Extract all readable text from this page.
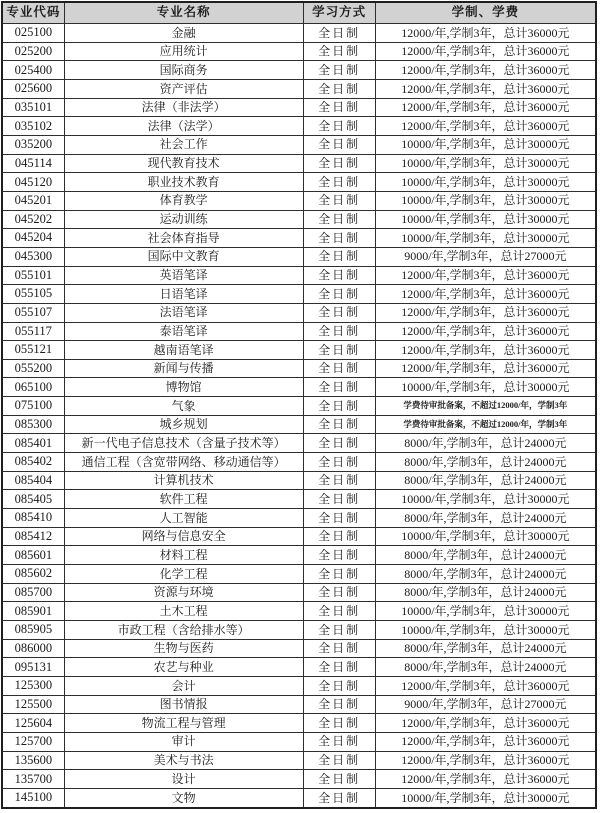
专业代码	专业名称	学习方式	学制、学费
025100	金融	全日制	12000/年,学制3年，总计36000元
025200	应用统计	全日制	12000/年,学制3年，总计36000元
025400	国际商务	全日制	12000/年,学制3年，总计36000元
025600	资产评估	全日制	12000/年,学制3年，总计36000元
035101	法律（非法学）	全日制	12000/年,学制3年，总计36000元
035102	法律（法学）	全日制	12000/年,学制3年，总计36000元
035200	社会工作	全日制	10000/年,学制3年，总计30000元
045114	现代教育技术	全日制	10000/年,学制3年，总计30000元
045120	职业技术教育	全日制	10000/年,学制3年，总计30000元
045201	体育教学	全日制	10000/年,学制3年，总计30000元
045202	运动训练	全日制	10000/年,学制3年，总计30000元
045204	社会体育指导	全日制	10000/年,学制3年，总计30000元
045300	国际中文教育	全日制	9000/年,学制3年，总计27000元
055101	英语笔译	全日制	12000/年,学制3年，总计36000元
055105	日语笔译	全日制	12000/年,学制3年，总计36000元
055107	法语笔译	全日制	12000/年,学制3年，总计36000元
055117	泰语笔译	全日制	12000/年,学制3年，总计36000元
055121	越南语笔译	全日制	12000/年,学制3年，总计36000元
055200	新闻与传播	全日制	12000/年,学制3年，总计36000元
065100	博物馆	全日制	10000/年,学制3年，总计30000元
075100	气象	全日制	学费待审批备案，不超过12000/年，学制3年
085300	城乡规划	全日制	学费待审批备案，不超过12000/年，学制3年
085401	新一代电子信息技术（含量子技术等）	全日制	8000/年,学制3年，总计24000元
085402	通信工程（含宽带网络、移动通信等）	全日制	8000/年,学制3年，总计24000元
085404	计算机技术	全日制	8000/年,学制3年，总计24000元
085405	软件工程	全日制	10000/年,学制3年，总计30000元
085410	人工智能	全日制	8000/年,学制3年，总计24000元
085412	网络与信息安全	全日制	10000/年,学制3年，总计30000元
085601	材料工程	全日制	8000/年,学制3年，总计24000元
085602	化学工程	全日制	8000/年,学制3年，总计24000元
085700	资源与环境	全日制	8000/年,学制3年，总计24000元
085901	土木工程	全日制	10000/年,学制3年，总计30000元
085905	市政工程（含给排水等）	全日制	10000/年,学制3年，总计30000元
086000	生物与医药	全日制	8000/年,学制3年，总计24000元
095131	农艺与种业	全日制	8000/年,学制3年，总计24000元
125300	会计	全日制	12000/年,学制3年，总计36000元
125500	图书情报	全日制	9000/年,学制3年，总计27000元
125604	物流工程与管理	全日制	12000/年,学制3年，总计36000元
125700	审计	全日制	12000/年,学制3年，总计36000元
135600	美术与书法	全日制	12000/年,学制3年，总计36000元
135700	设计	全日制	12000/年,学制3年，总计36000元
145100	文物	全日制	10000/年,学制3年，总计30000元
